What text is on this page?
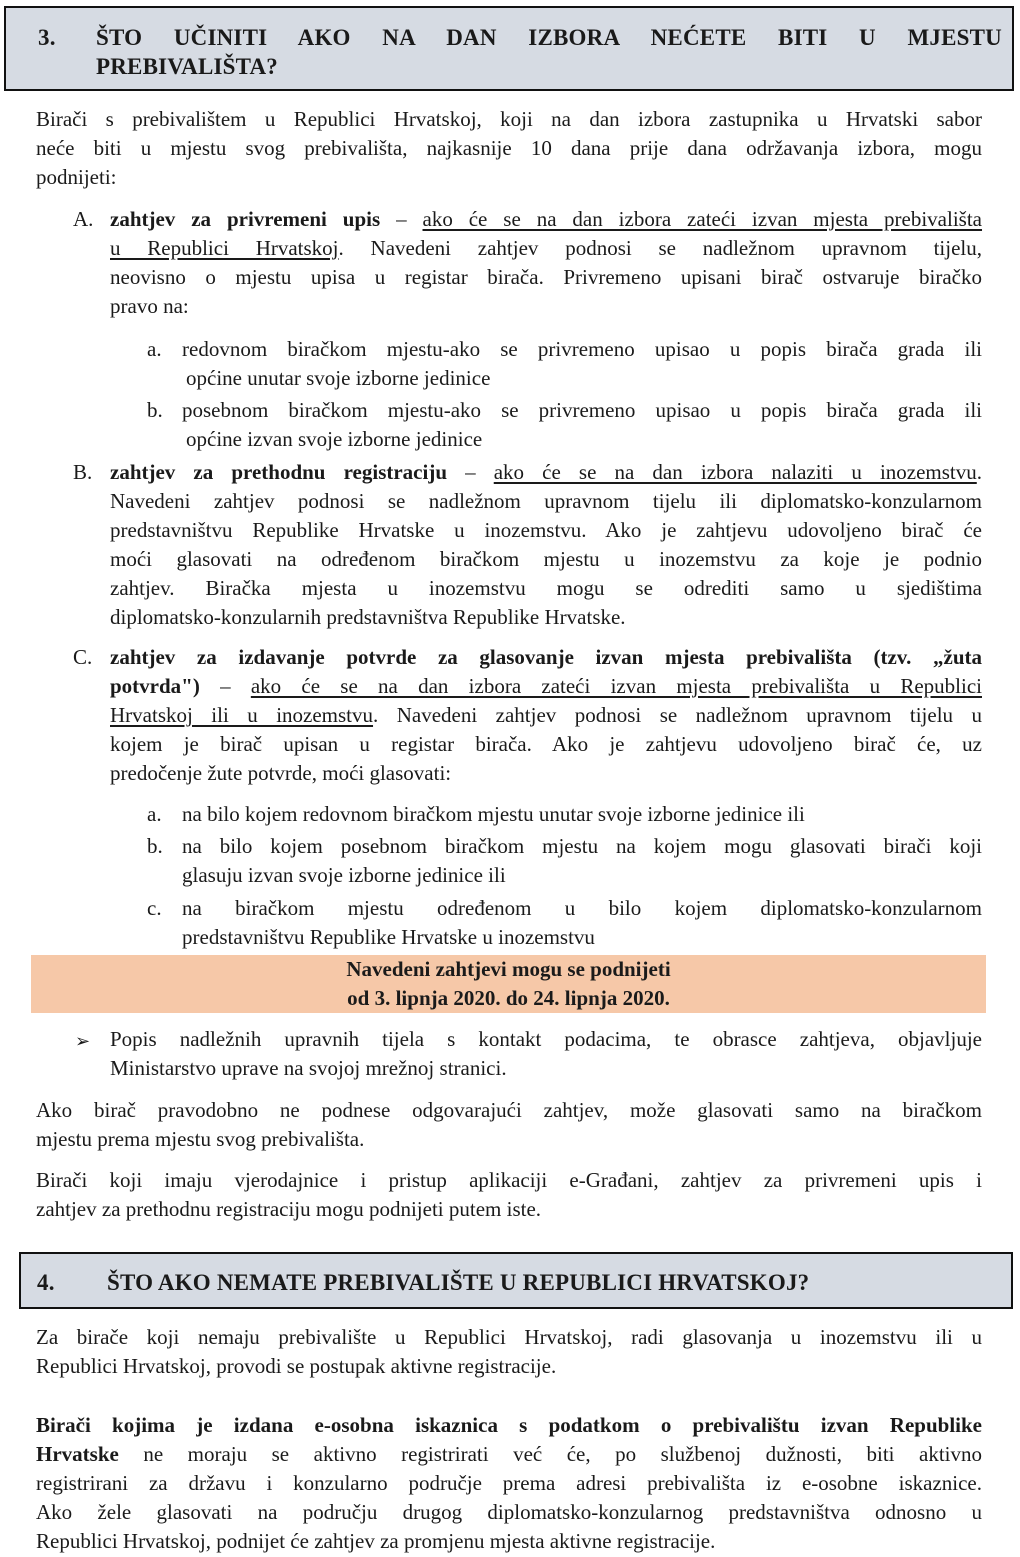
3. ŠTO UČINITI AKO NA DAN IZBORA NEĆETE BITI U MJESTU
PREBIVALIŠTA?
Birači s prebivalištem u Republici Hrvatskoj, koji na dan izbora zastupnika u Hrvatski sabor
neće biti u mjestu svog prebivališta, najkasnije 10 dana prije dana održavanja izbora, mogu
podnijeti:
A. zahtjev za privremeni upis – ako će se na dan izbora zateći izvan mjesta prebivališta
u Republici Hrvatskoj. Navedeni zahtjev podnosi se nadležnom upravnom tijelu,
neovisno o mjestu upisa u registar birača. Privremeno upisani birač ostvaruje biračko
pravo na:
a. redovnom biračkom mjestu-ako se privremeno upisao u popis birača grada ili
općine unutar svoje izborne jedinice
b. posebnom biračkom mjestu-ako se privremeno upisao u popis birača grada ili
općine izvan svoje izborne jedinice
B. zahtjev za prethodnu registraciju – ako će se na dan izbora nalaziti u inozemstvu.
Navedeni zahtjev podnosi se nadležnom upravnom tijelu ili diplomatsko-konzularnom
predstavništvu Republike Hrvatske u inozemstvu. Ako je zahtjevu udovoljeno birač će
moći glasovati na određenom biračkom mjestu u inozemstvu za koje je podnio
zahtjev. Biračka mjesta u inozemstvu mogu se odrediti samo u sjedištima
diplomatsko-konzularnih predstavništva Republike Hrvatske.
C. zahtjev za izdavanje potvrde za glasovanje izvan mjesta prebivališta (tzv. „žuta
potvrda") – ako će se na dan izbora zateći izvan mjesta prebivališta u Republici
Hrvatskoj ili u inozemstvu. Navedeni zahtjev podnosi se nadležnom upravnom tijelu u
kojem je birač upisan u registar birača. Ako je zahtjevu udovoljeno birač će, uz
predočenje žute potvrde, moći glasovati:
a. na bilo kojem redovnom biračkom mjestu unutar svoje izborne jedinice ili
b. na bilo kojem posebnom biračkom mjestu na kojem mogu glasovati birači koji
glasuju izvan svoje izborne jedinice ili
c. na biračkom mjestu određenom u bilo kojem diplomatsko-konzularnom
predstavništvu Republike Hrvatske u inozemstvu
Navedeni zahtjevi mogu se podnijeti
od 3. lipnja 2020. do 24. lipnja 2020.
➢ Popis nadležnih upravnih tijela s kontakt podacima, te obrasce zahtjeva, objavljuje
Ministarstvo uprave na svojoj mrežnoj stranici.
Ako birač pravodobno ne podnese odgovarajući zahtjev, može glasovati samo na biračkom
mjestu prema mjestu svog prebivališta.
Birači koji imaju vjerodajnice i pristup aplikaciji e-Građani, zahtjev za privremeni upis i
zahtjev za prethodnu registraciju mogu podnijeti putem iste.
4. ŠTO AKO NEMATE PREBIVALIŠTE U REPUBLICI HRVATSKOJ?
Za birače koji nemaju prebivalište u Republici Hrvatskoj, radi glasovanja u inozemstvu ili u
Republici Hrvatskoj, provodi se postupak aktivne registracije.
Birači kojima je izdana e-osobna iskaznica s podatkom o prebivalištu izvan Republike
Hrvatske ne moraju se aktivno registrirati već će, po službenoj dužnosti, biti aktivno
registrirani za državu i konzularno područje prema adresi prebivališta iz e-osobne iskaznice.
Ako žele glasovati na području drugog diplomatsko-konzularnog predstavništva odnosno u
Republici Hrvatskoj, podnijet će zahtjev za promjenu mjesta aktivne registracije.
